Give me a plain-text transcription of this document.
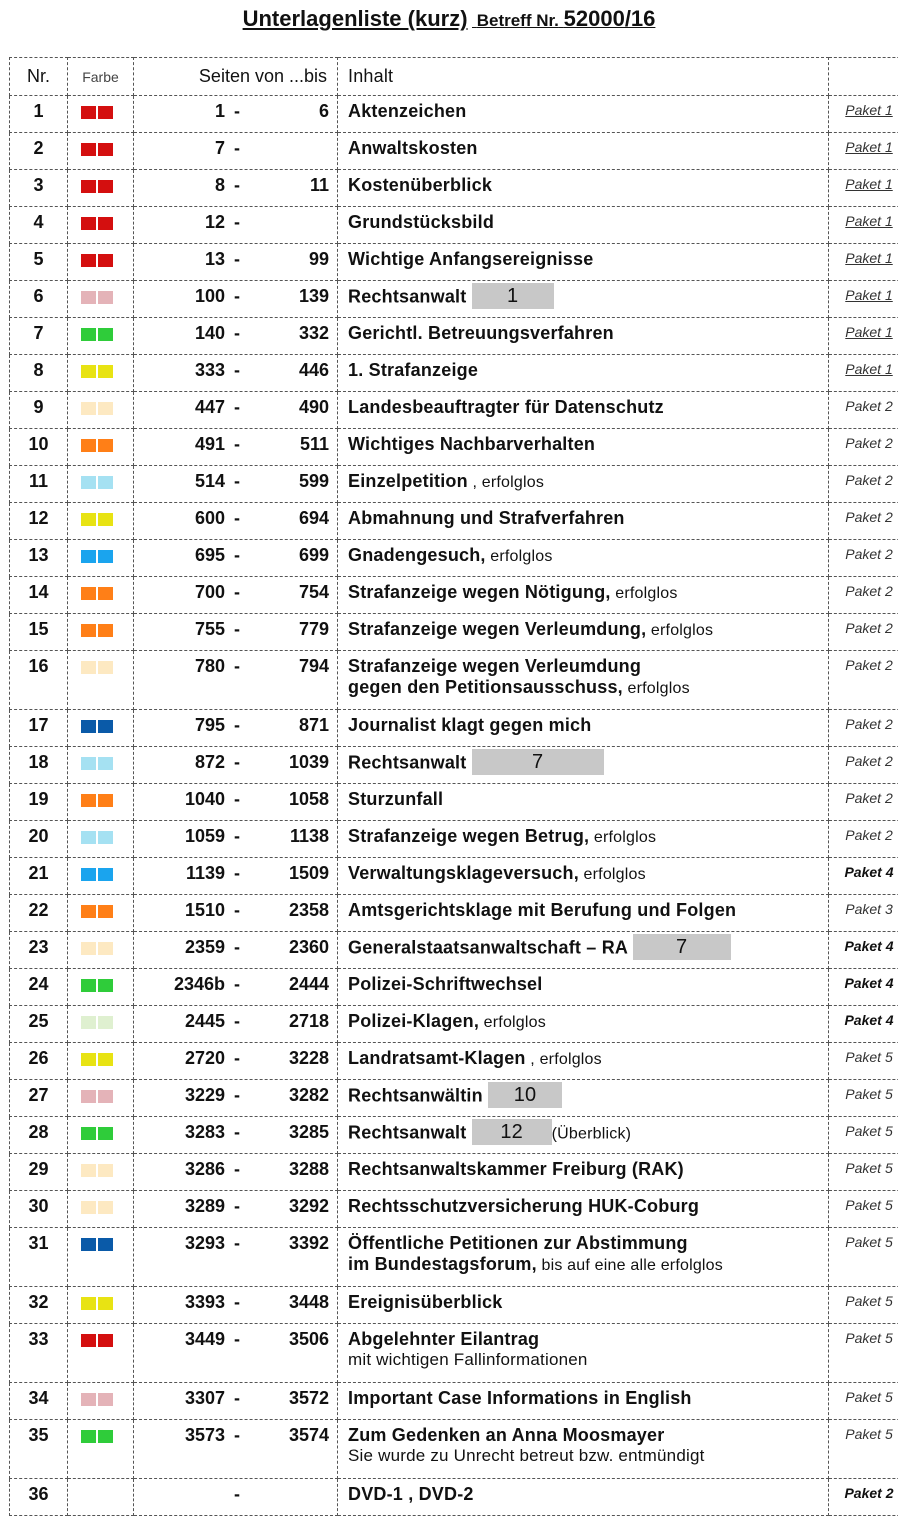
Unterlagenliste (kurz) Betreff Nr. 52000/16
Nr.	Farbe	Seiten von ...bis	Inhalt	
1		1 - 6	Aktenzeichen	Paket 1
2		7 -	Anwaltskosten	Paket 1
3		8 - 11	Kostenüberblick	Paket 1
4		12 -	Grundstücksbild	Paket 1
5		13 - 99	Wichtige Anfangsereignisse	Paket 1
6		100 - 139	Rechtsanwalt 1	Paket 1
7		140 - 332	Gerichtl. Betreuungsverfahren	Paket 1
8		333 - 446	1. Strafanzeige	Paket 1
9		447 - 490	Landesbeauftragter für Datenschutz	Paket 2
10		491 - 511	Wichtiges Nachbarverhalten	Paket 2
11		514 - 599	Einzelpetition , erfolglos	Paket 2
12		600 - 694	Abmahnung und Strafverfahren	Paket 2
13		695 - 699	Gnadengesuch, erfolglos	Paket 2
14		700 - 754	Strafanzeige wegen Nötigung, erfolglos	Paket 2
15		755 - 779	Strafanzeige wegen Verleumdung, erfolglos	Paket 2
16		780 - 794	Strafanzeige wegen Verleumdung
gegen den Petitionsausschuss, erfolglos	Paket 2
17		795 - 871	Journalist klagt gegen mich	Paket 2
18		872 - 1039	Rechtsanwalt 7	Paket 2
19		1040 - 1058	Sturzunfall	Paket 2
20		1059 - 1138	Strafanzeige wegen Betrug, erfolglos	Paket 2
21		1139 - 1509	Verwaltungsklageversuch, erfolglos	Paket 4
22		1510 - 2358	Amtsgerichtsklage mit Berufung und Folgen	Paket 3
23		2359 - 2360	Generalstaatsanwaltschaft – RA 7	Paket 4
24		2346b - 2444	Polizei-Schriftwechsel	Paket 4
25		2445 - 2718	Polizei-Klagen, erfolglos	Paket 4
26		2720 - 3228	Landratsamt-Klagen , erfolglos	Paket 5
27		3229 - 3282	Rechtsanwältin 10	Paket 5
28		3283 - 3285	Rechtsanwalt 12 (Überblick)	Paket 5
29		3286 - 3288	Rechtsanwaltskammer Freiburg (RAK)	Paket 5
30		3289 - 3292	Rechtsschutzversicherung HUK-Coburg	Paket 5
31		3293 - 3392	Öffentliche Petitionen zur Abstimmung
im Bundestagsforum, bis auf eine alle erfolglos	Paket 5
32		3393 - 3448	Ereignisüberblick	Paket 5
33		3449 - 3506	Abgelehnter Eilantrag
mit wichtigen Fallinformationen	Paket 5
34		3307 - 3572	Important Case Informations in English	Paket 5
35		3573 - 3574	Zum Gedenken an Anna Moosmayer
Sie wurde zu Unrecht betreut bzw. entmündigt	Paket 5
36		-	DVD-1 , DVD-2	Paket 2
